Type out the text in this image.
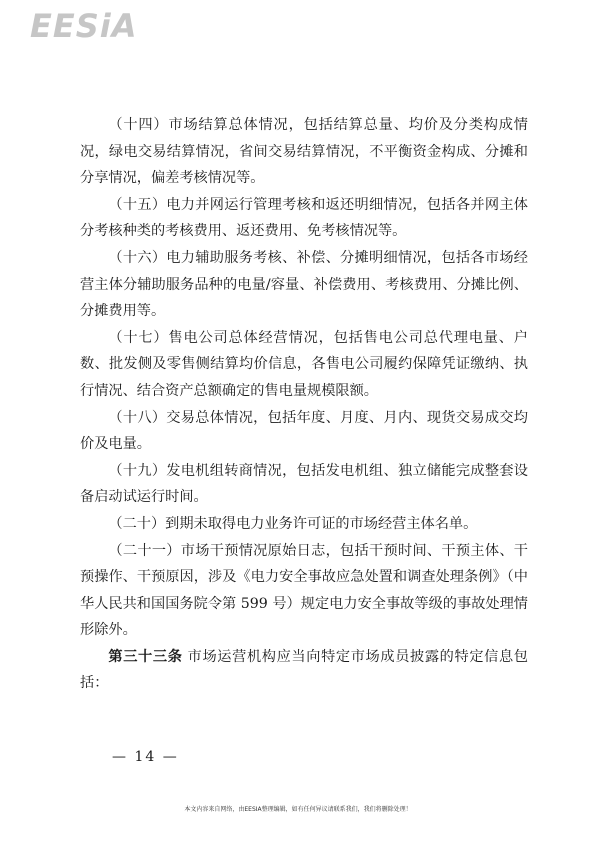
EESiA

（十四）市场结算总体情况，包括结算总量、均价及分类构成情况，绿电交易结算情况，省间交易结算情况，不平衡资金构成、分摊和分享情况，偏差考核情况等。

（十五）电力并网运行管理考核和返还明细情况，包括各并网主体分考核种类的考核费用、返还费用、免考核情况等。

（十六）电力辅助服务考核、补偿、分摊明细情况，包括各市场经营主体分辅助服务品种的电量/容量、补偿费用、考核费用、分摊比例、分摊费用等。

（十七）售电公司总体经营情况，包括售电公司总代理电量、户数、批发侧及零售侧结算均价信息，各售电公司履约保障凭证缴纳、执行情况、结合资产总额确定的售电量规模限额。

（十八）交易总体情况，包括年度、月度、月内、现货交易成交均价及电量。

（十九）发电机组转商情况，包括发电机组、独立储能完成整套设备启动试运行时间。

（二十）到期未取得电力业务许可证的市场经营主体名单。

（二十一）市场干预情况原始日志，包括干预时间、干预主体、干预操作、干预原因，涉及《电力安全事故应急处置和调查处理条例》（中华人民共和国国务院令第 599 号）规定电力安全事故等级的事故处理情形除外。

第三十三条 市场运营机构应当向特定市场成员披露的特定信息包括：

— 14 —
本文内容来自网络，由EESIA整理编辑，如有任何异议请联系我们，我们将删除处理！
